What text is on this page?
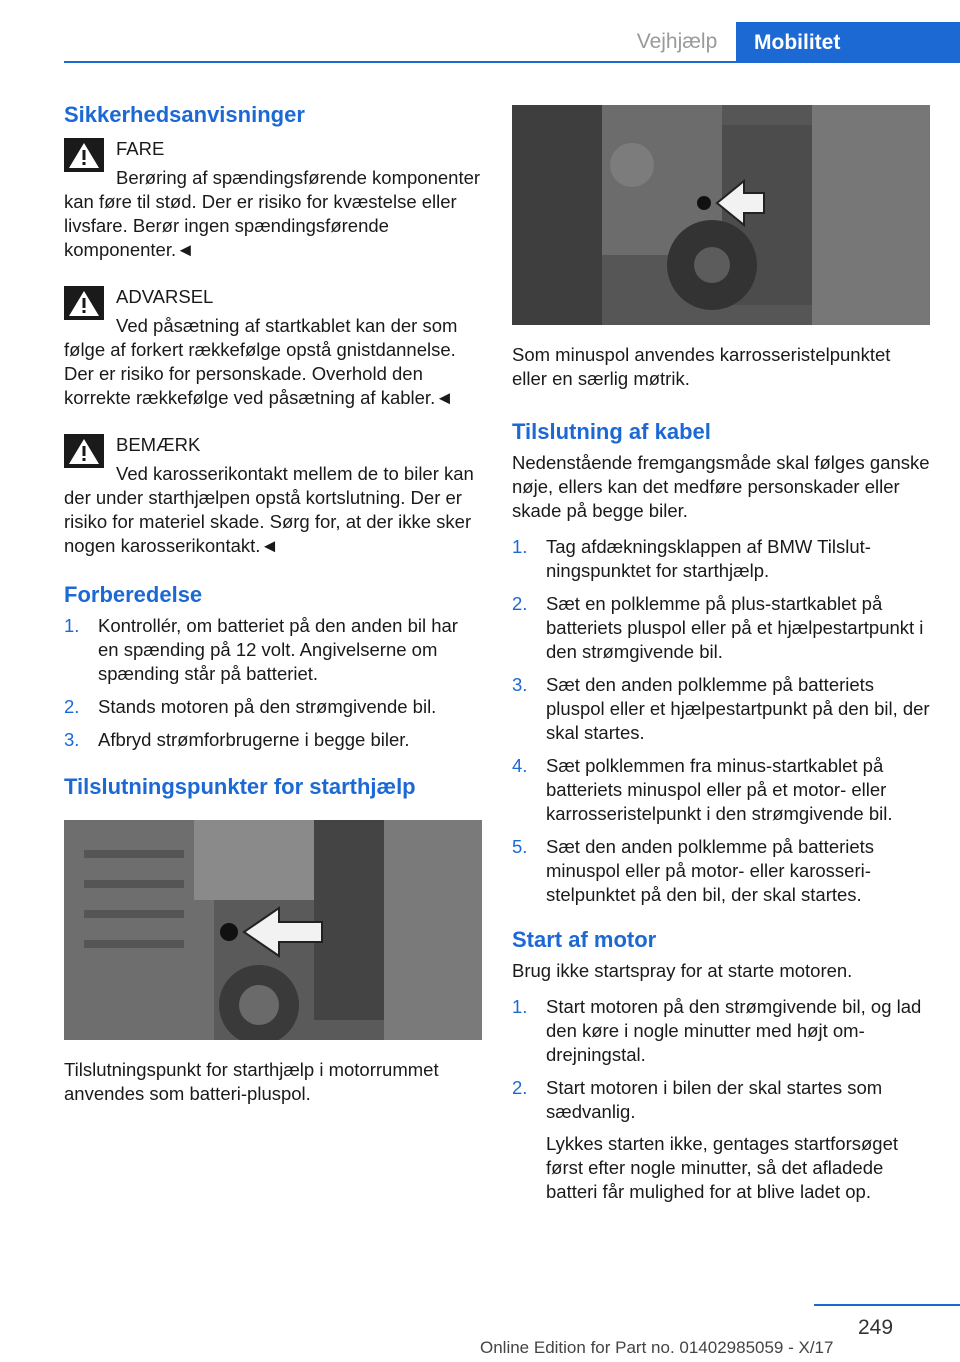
Vejhjælp	Mobilitet
Sikkerhedsanvisninger
FARE
Berøring af spændingsførende komponenter kan føre til stød. Der er risiko for kvæstelse eller livsfare. Berør ingen spændingsførende komponenter.◄
ADVARSEL
Ved påsætning af startkablet kan der som følge af forkert rækkefølge opstå gnistdannelse. Der er risiko for personskade. Overhold den korrekte rækkefølge ved påsætning af kabler.◄
BEMÆRK
Ved karosserikontakt mellem de to biler kan der under starthjælpen opstå kortslutning. Der er risiko for materiel skade. Sørg for, at der ikke sker nogen karosserikontakt.◄
Forberedelse
1. Kontrollér, om batteriet på den anden bil har en spænding på 12 volt. Angivelserne om spænding står på batteriet.
2. Stands motoren på den strømgivende bil.
3. Afbryd strømforbrugerne i begge biler.
Tilslutningspunkter for starthjælp

Tilslutningspunkt for starthjælp i motorrummet anvendes som batteri-pluspol.

Som minuspol anvendes karrosseristelpunktet eller en særlig møtrik.

Tilslutning af kabel

Nedenstående fremgangsmåde skal følges ganske nøje, ellers kan det medføre personskader eller skade på begge biler.

1. Tag afdækningsklappen af BMW Tilslutningspunktet for starthjælp.
2. Sæt en polklemme på plus-startkablet på batteriets pluspol eller på et hjælpestartpunkt i den strømgivende bil.
3. Sæt den anden polklemme på batteriets pluspol eller et hjælpestartpunkt på den bil, der skal startes.
4. Sæt polklemmen fra minus-startkablet på batteriets minuspol eller på et motor- eller karrosseristelpunkt i den strømgivende bil.
5. Sæt den anden polklemme på batteriets minuspol eller på motor- eller karosseristelpunktet på den bil, der skal startes.
Start af motor

Brug ikke startspray for at starte motoren.

1. Start motoren på den strømgivende bil, og lad den køre i nogle minutter med højt omdrejningstal.
2. Start motoren i bilen der skal startes som sædvanlig.
Lykkes starten ikke, gentages startforsøget først efter nogle minutter, så det afladede batteri får mulighed for at blive ladet op.
249
Online Edition for Part no. 01402985059 - X/17
